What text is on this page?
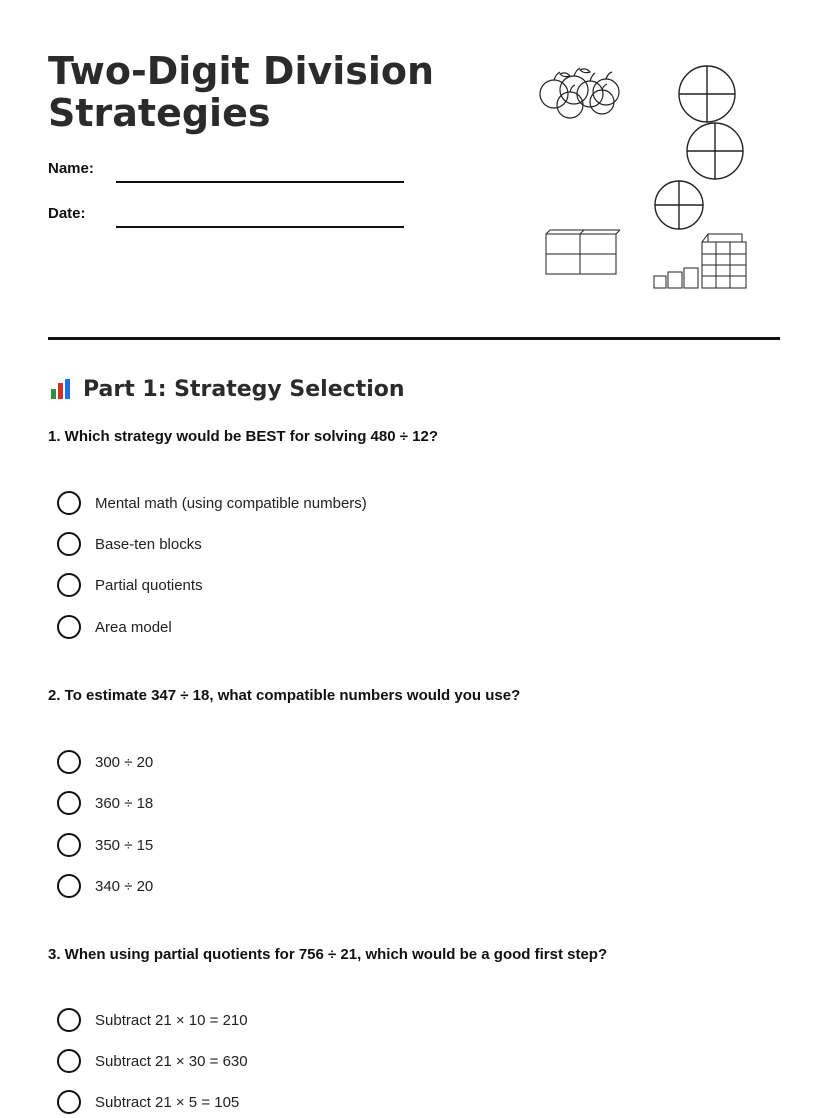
Two-Digit Division Strategies
Name:
Date:
Part 1: Strategy Selection

1. Which strategy would be BEST for solving 480 ÷ 12?

Mental math (using compatible numbers)
Base-ten blocks
Partial quotients
Area model

2. To estimate 347 ÷ 18, what compatible numbers would you use?

300 ÷ 20
360 ÷ 18
350 ÷ 15
340 ÷ 20

3. When using partial quotients for 756 ÷ 21, which would be a good first step?

Subtract 21 × 10 = 210
Subtract 21 × 30 = 630
Subtract 21 × 5 = 105
